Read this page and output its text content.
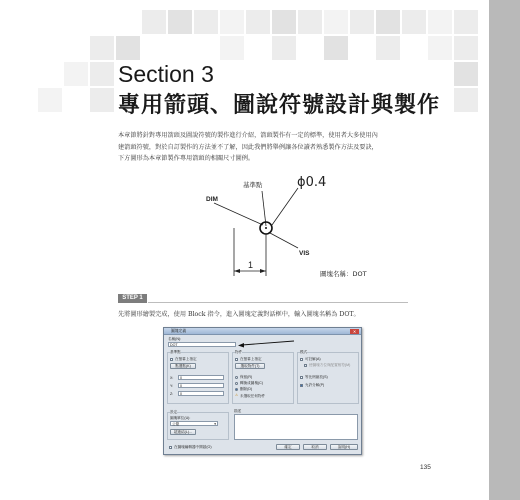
Section 3
專用箭頭、圖說符號設計與製作
本章節將針對專用箭頭及圖說符號的製作進行介紹，箭頭製作有一定的標準，使用者大多使用內
建箭頭符號，對於自訂製作的方法並不了解，因此我們將舉例讓各位讀者熟悉製作方法及要訣，
下方圖形為本章節製作專用箭頭的相關尺寸圖例。
基準點	ϕ0.4
DIM
VIS
1
圖塊名稱：DOT
STEP 1
先將圖形繪製完成，使用 Block 指令，進入圖塊定義對話框中，輸入圖塊名稱為 DOT。
圖塊定義	✕
名稱(N):
DOT
基準點
在螢幕上指定
點選點(K)
X: 0
Y: 0
Z: 0
物件
在螢幕上指定
選取物件(T)
保留(R)
轉換成圖塊(C)
刪除(D)
⚠ 未選取任何物件
模式
可註解(A)
使圖塊方位與配置相符(M)
等比例縮放(S)
允許分解(P)
設定
圖塊單位(U):
公釐	▾
超連結(L)...
描述
在圖塊編輯器中開啟(O)	確定	取消	說明(H)
135
